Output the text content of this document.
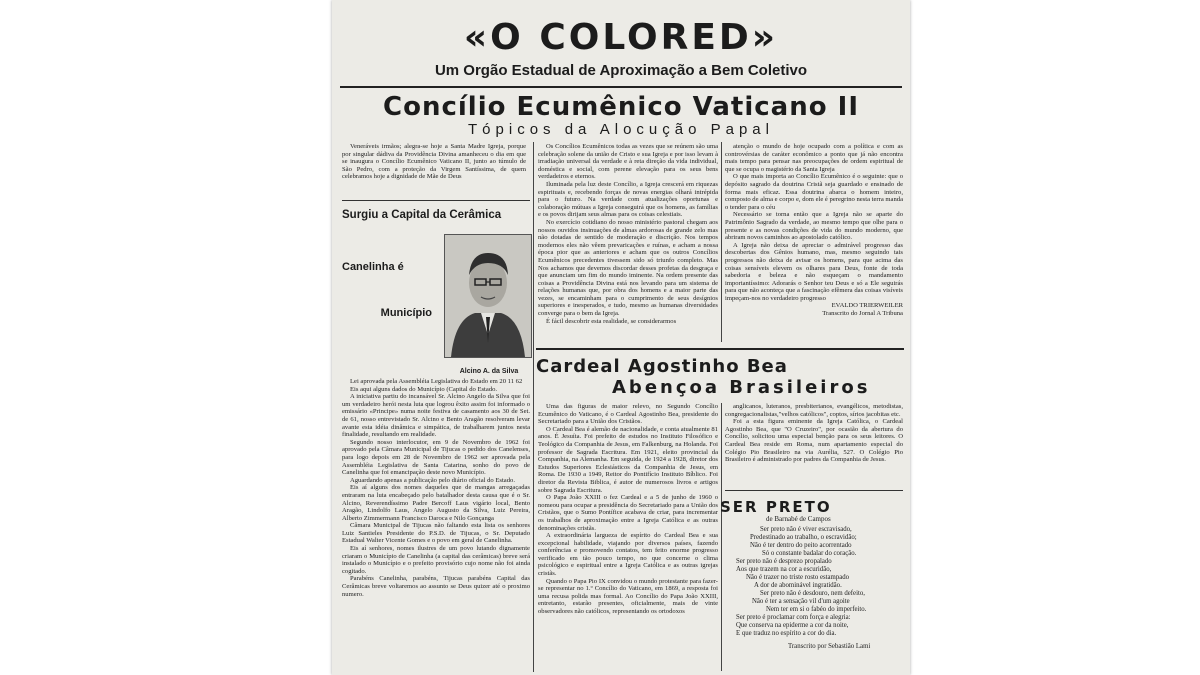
«O COLORED»
Um Orgão Estadual de Aproximação a Bem Coletivo
Concílio Ecumênico Vaticano II
Tópicos da Alocução Papal

Veneráveis irmãos; alegra-se hoje a Santa Madre Igreja, porque por singular dádiva da Providência Divina amanheceu o dia em que se inaugura o Concílio Ecumênico Vaticano II, junto ao túmulo de São Pedro, com a proteção da Virgem Santíssima, de quem celebramos hoje a dignidade de Mãe de Deus

Surgiu a Capital da Cerâmica
Canelinha é
Município
Alcino A. da Silva

Lei aprovada pela Assembléia Legislativa do Estado em 20 11 62

Eis aqui alguns dados do Município (Capital do Estado.

A iniciativa partiu do incansável Sr. Alcino Angelo da Silva que foi um verdadeiro herói nesta luta que logrou êxito assim foi informado o emissário «Principe» numa noite festiva de casamento aos 30 de Set. de 61, nosso entrevistado Sr. Alcino e Bento Aragão resolveram levar avante esta idéia dinâmica e simpática, de trabalharem juntos nesta finalidade, resultando em realidade.

Segundo nosso interlocutor, em 9 de Novembro de 1962 foi aprovado pela Câmara Municipal de Tijucas o pedido dos Canelenses, para logo depois em 28 de Novembro de 1962 ser aprovada pela Assembléia Legislativa de Santa Catarina, sonho do povo de Canelinha que foi emancipação deste novo Município.

Aguardando apenas a publicação pelo diário oficial do Estado.

Eis aí alguns dos nomes daqueles que de mangas arregaçadas entraram na luta encabeçado pelo batalhador desta causa que é o Sr. Alcino, Reverendíssimo Padre Bercoff Laus vigário local, Bento Aragão, Lindolfo Laus, Angelo Augusto da Silva, Luiz Pereira, Alberto Zimmermann Francisco Daroca e Nilo Gonçanga

Câmara Municipal de Tijucas não faltando esta lista os senhores Luiz Santieles Presidente do P.S.D. de Tijucas, o Sr. Deputado Estadual Walter Vicente Gomes e o povo em geral de Canelinha.

Eis aí senhores, nomes ilustres de um povo lutando dignamente criaram o Município de Canelinha (a capital das cerâmicas) breve será instalado o Município e o prefeito provisório cujo nome não foi ainda cogitado.

Parabéns Canelinha, parabéns, Tijucas parabéns Capital das Cerâmicas breve voltaremos ao assunto se Deus quizer até o proximo numero.

Os Concílios Ecumênicos todas as vezes que se reúnem são uma celebração solene da união de Cristo e sua Igreja e por isso levam à irradiação universal da verdade e à reta direção da vida individual, doméstica e social, com perene elevação para os seus bens verdadeiros e eternos.

Iluminada pela luz deste Concílio, a Igreja crescerá em riquezas espirituais e, recebendo forças de novas energias olhará intrépida para o futuro. Na verdade com atualizações oportunas e colaboração mútuas a Igreja conseguirá que os homens, as famílias e os povos dirijam seus almas para os coisas celestiais.

No exercício cotidiano do nosso ministério pastoral chegam aos nossos ouvidos insinuações de almas ardorosas de grande zelo mas não dotadas de sentido de moderação e discrição. Nos tempos modernos eles não vêem prevaricações e ruínas, e acham a nossa época pior que as anteriores e acham que os outros Concílios Ecumênicos precedentes tivessem sido só triunfo completo. Mas Nos achamos que devemos discordar desses profetas da desgraça e que anunciam um fim do mundo iminente. Na ordem presente das coisas a Providência Divina está nos levando para um sistema de relações humanas que, por obra dos homens e a maior parte das vezes, se encaminham para o cumprimento de seus desígnios superiores e inesperados, e tudo, mesmo as humanas diversidades converge para o bem da Igreja.

É fácil descobrir esta realidade, se considerarmos

atenção o mundo de hoje ocupado com a política e com as controvérsias de caráter econômico a ponto que já não encontra mais tempo para pensar nas preocupações de ordem espiritual de que se ocupa o magistério da Santa Igreja

O que mais importa ao Concílio Ecumênico é o seguinte: que o depósito sagrado da doutrina Cristã seja guardado e ensinado de forma mais eficaz. Essa doutrina abarca o homem inteiro, composto de alma e corpo e, dom ele é peregrino nesta terra manda o tender para o céu

Necessário se torna então que a Igreja não se aparte do Patrimônio Sagrado da verdade, ao mesmo tempo que olhe para o presente e as novas condições de vida do mundo moderno, que abriram novos caminhos ao apostolado católico.

A Igreja não deixa de apreciar o admirável progresso das descobertas dos Gênios humano, mas, mesmo seguindo tais progressos não deixa de avisar os homens, para que acima das coisas sensíveis elevem os olhares para Deus, fonte de toda sabedoria e beleza e não esqueçam o mandamento importantíssimo: Adorarás o Senhor teu Deus e só a Ele seguirás para que não aconteça que a fascinação efêmera das coisas visíveis impeçam-nos no verdadeiro progresso

EVALDO TRIERWEILER
Transcrito do Jornal A Tribuna
Cardeal Agostinho Bea
Abençoa Brasileiros

Uma das figuras de maior relevo, no Segundo Concílio Ecumênico do Vaticano, é o Cardeal Agostinho Bea, presidente do Secretariado para a União dos Cristãos.

O Cardeal Bea é alemão de nacionalidade, e conta atualmente 81 anos. É Jesuíta. Foi prefeito de estudos no Instituto Filosófico e Teológico da Companhia de Jesus, em Falkenburg, na Holanda. Foi professor de Sagrada Escritura. Em 1921, eleito provincial da Companhia, na Alemanha. Em seguida, de 1924 a 1928, diretor dos Estudos Superiores Eclesiásticos da Companhia de Jesus, em Roma. De 1930 a 1949, Reitor do Pontifício Instituto Bíblico. Foi diretor da Revista Biblica, é autor de numerosos livros e artigos sobre Sagrada Escritura.

O Papa João XXIII o fez Cardeal e a 5 de junho de 1960 o nomeou para ocupar a presidência do Secretariado para a União dos Cristãos, que o Sumo Pontífice acabava de criar, para incrementar os trabalhos de aproximação entre a Igreja Católica e as outras denominações cristãs.

A extraordinária largueza de espírito do Cardeal Bea e sua excepcional habilidade, viajando por diversos países, fazendo conferências e promovendo contatos, tem feito enorme progresso verificado em tão pouco tempo, no que concerne o clima psicológico e espiritual entre a Igreja Católica e as outras igrejas cristãs.

Quando o Papa Pio IX convidou o mundo protestante para fazer-se representar no 1.º Concílio do Vaticano, em 1869, a resposta foi uma recusa polida mas formal. Ao Concílio do Papa João XXIII, entretanto, estarão presentes, oficialmente, mais de vinte observadores não católicos, representando os ortodoxos

anglicanos, luteranos, presbiterianos, evangélicos, metodistas, congregacionalistas,"velhos católicos", coptos, sírios jacobitas etc.

Foi a esta figura eminente da Igreja Católica, o Cardeal Agostinho Bea, que "O Cruzeiro", por ocasião da abertura do Concílio, solicitou uma especial benção para os seus leitores. O Cardeal Bea reside em Roma, num apartamento especial do Colégio Pio Brasileiro na via Aurélia, 527. O Colégio Pio Brasileiro é administrado por padres da Companhia de Jesus.

SER PRETO
de Barnabé de Campos
Ser preto não é viver escravisado,
Predestinado ao trabalho, o escravidão;
Não é ter dentro do peito acorrentado
Só o constante badalar do coração.
Ser preto não é desprezo propalado
Aos que trazem na cor a escuridão,
Não é trazer no triste rosto estampado
A dor de abominável ingratidão.
Ser preto não é desdouro, nem defeito,
Não é ter a sensação vil d'um agoite
Nem ter em si o fabéo do imperfeito.
Ser preto é proclamar com força e alegria:
Que conserva na epiderme a cor da noite,
E que traduz no espírito a cor do dia.
Transcrito por Sebastião Lami
